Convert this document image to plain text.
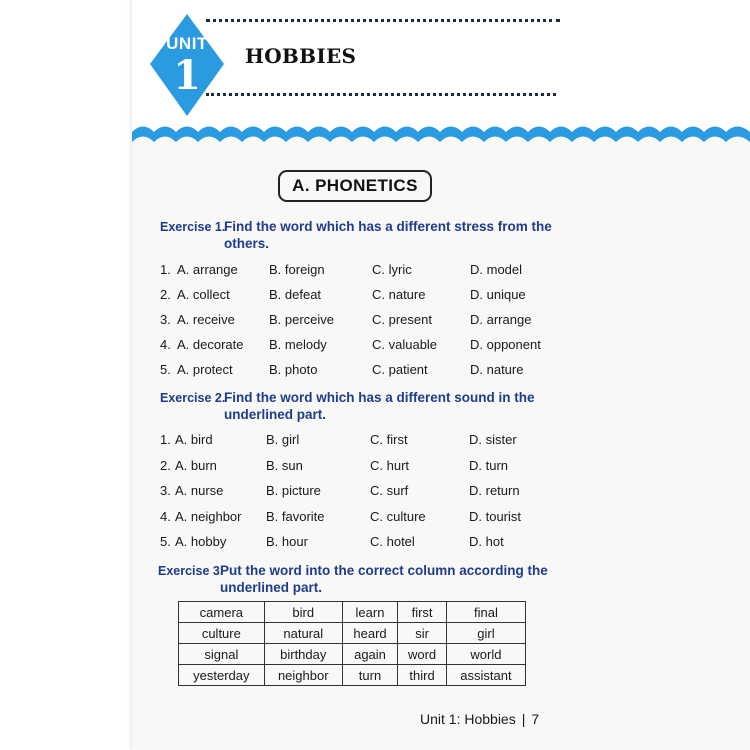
UNIT
1	HOBBIES
A. PHONETICS
Exercise 1.
Find the word which has a different stress from the
others.
1. A. arrange B. foreign	C. lyric	D. model
2. A. collect	B. defeat	C. nature	D. unique
3. A. receive	B. perceive	C. present	D. arrange
4. A. decorate B. melody	C. valuable	D. opponent
5. A. protect	B. photo	C. patient	D. nature
Exercise 2.
Find the word which has a different sound in the
underlined part.
1. A. bird	B. girl	C. first	D. sister
2. A. burn	B. sun	C. hurt	D. turn
3. A. nurse	B. picture	C. surf	D. return
4. A. neighbor B. favorite	C. culture	D. tourist
5. A. hobby	B. hour	C. hotel	D. hot
Exercise 3.
Put the word into the correct column according the
underlined part.
camera	bird	learn	first	final
culture	natural	heard	sir	girl
signal	birthday	again	word	world
yesterday	neighbor	turn	third	assistant
Unit 1: Hobbies | 7
